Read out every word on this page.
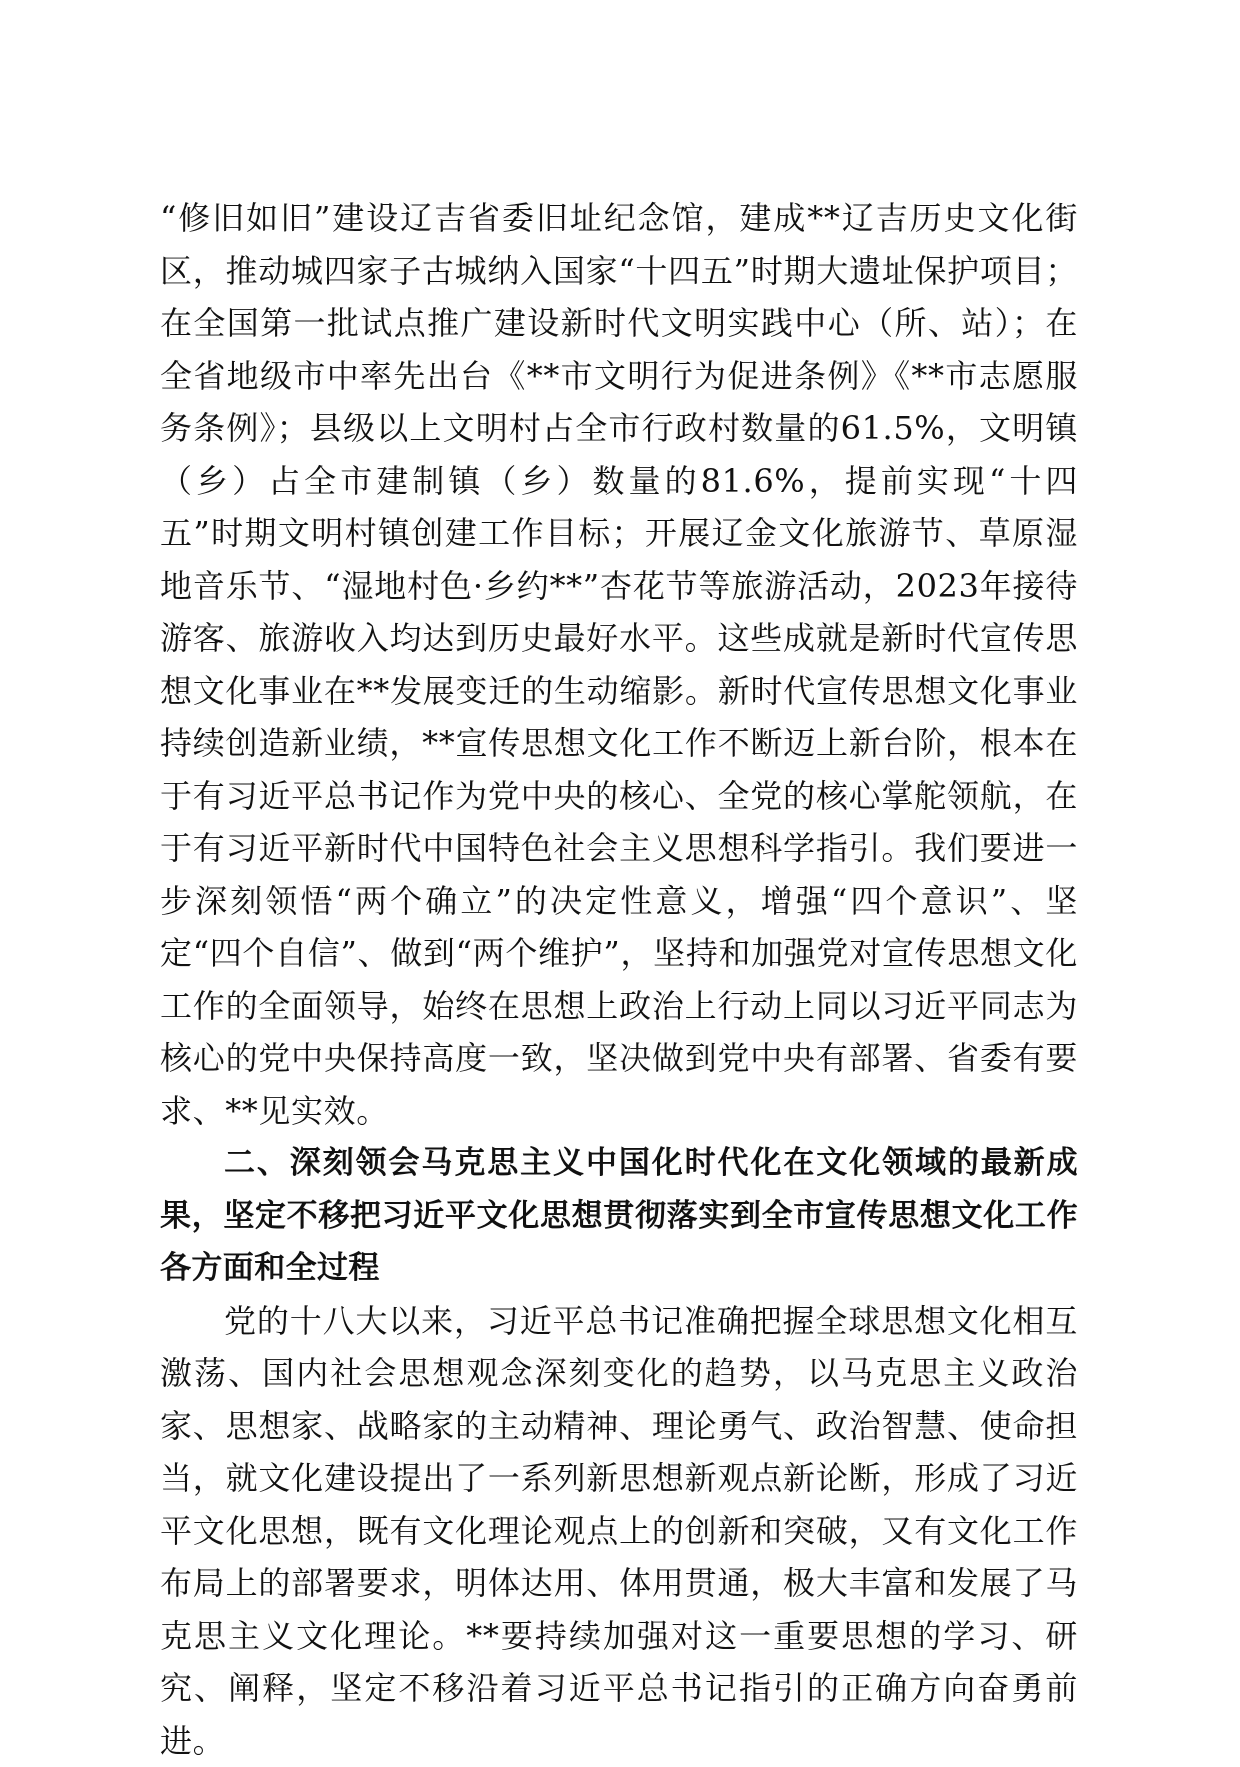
“修旧如旧”建设辽吉省委旧址纪念馆，建成**辽吉历史文化街区，推动城四家子古城纳入国家“十四五”时期大遗址保护项目；在全国第一批试点推广建设新时代文明实践中心（所、站）；在全省地级市中率先出台《**市文明行为促进条例》《**市志愿服务条例》；县级以上文明村占全市行政村数量的61.5%，文明镇（乡）占全市建制镇（乡）数量的81.6%，提前实现“十四五”时期文明村镇创建工作目标；开展辽金文化旅游节、草原湿地音乐节、“湿地村色·乡约**”杏花节等旅游活动，2023年接待游客、旅游收入均达到历史最好水平。这些成就是新时代宣传思想文化事业在**发展变迁的生动缩影。新时代宣传思想文化事业持续创造新业绩，**宣传思想文化工作不断迈上新台阶，根本在于有习近平总书记作为党中央的核心、全党的核心掌舵领航，在于有习近平新时代中国特色社会主义思想科学指引。我们要进一步深刻领悟“两个确立”的决定性意义，增强“四个意识”、坚定“四个自信”、做到“两个维护”，坚持和加强党对宣传思想文化工作的全面领导，始终在思想上政治上行动上同以习近平同志为核心的党中央保持高度一致，坚决做到党中央有部署、省委有要求、**见实效。

二、深刻领会马克思主义中国化时代化在文化领域的最新成果，坚定不移把习近平文化思想贯彻落实到全市宣传思想文化工作各方面和全过程

党的十八大以来，习近平总书记准确把握全球思想文化相互激荡、国内社会思想观念深刻变化的趋势，以马克思主义政治家、思想家、战略家的主动精神、理论勇气、政治智慧、使命担当，就文化建设提出了一系列新思想新观点新论断，形成了习近平文化思想，既有文化理论观点上的创新和突破，又有文化工作布局上的部署要求，明体达用、体用贯通，极大丰富和发展了马克思主义文化理论。**要持续加强对这一重要思想的学习、研究、阐释，坚定不移沿着习近平总书记指引的正确方向奋勇前进。
